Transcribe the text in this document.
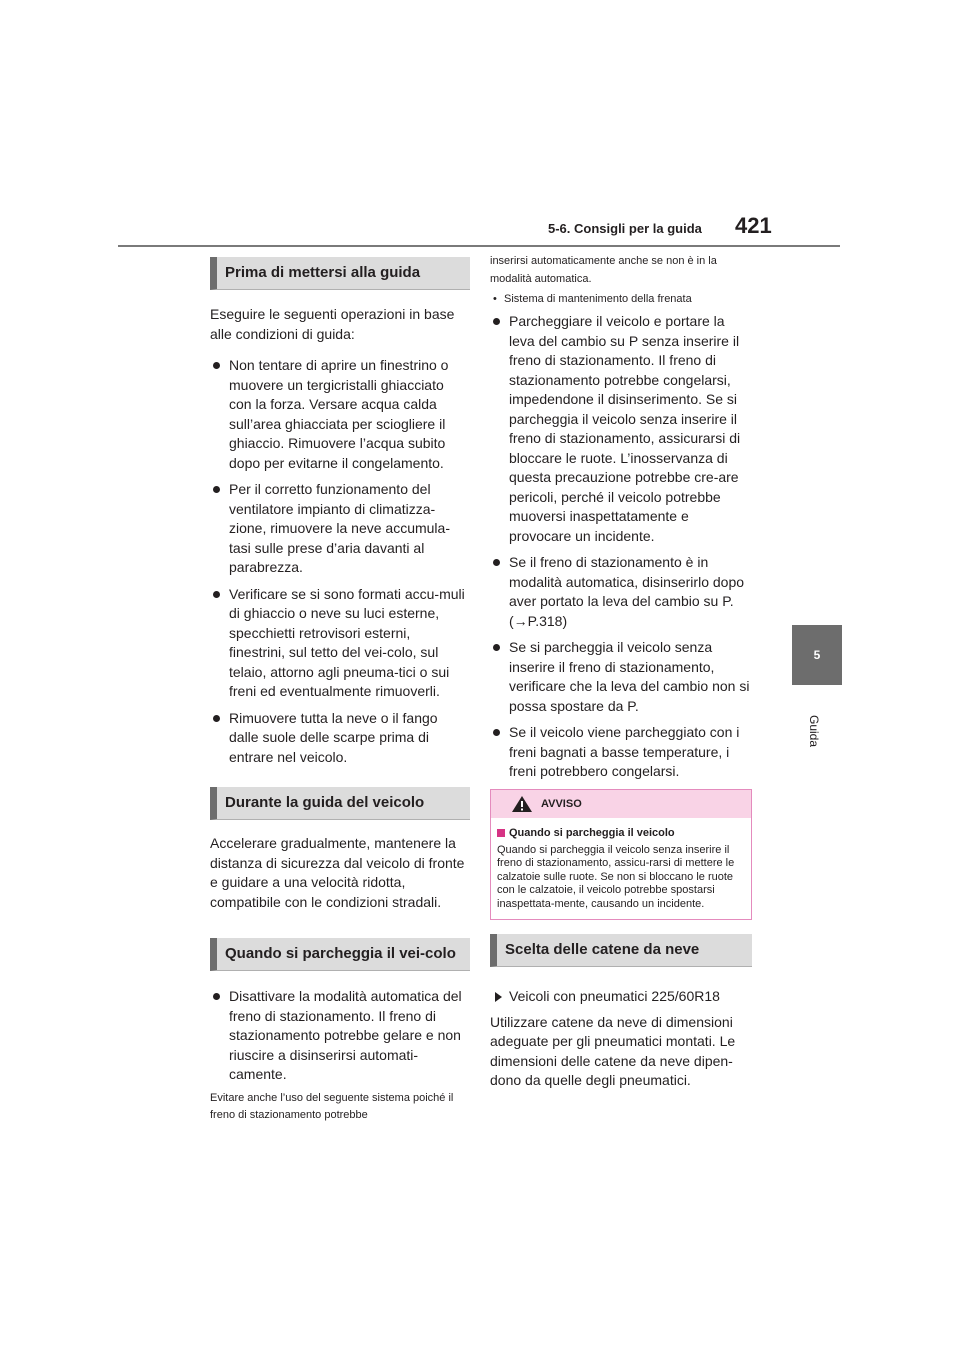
5-6. Consigli per la guida 421
5
Guida
Prima di mettersi alla guida

Eseguire le seguenti operazioni in base alle condizioni di guida:

Non tentare di aprire un finestrino o muovere un tergicristalli ghiacciato con la forza. Versare acqua calda sull’area ghiacciata per sciogliere il ghiaccio. Rimuovere l’acqua subito dopo per evitarne il congelamento.
Per il corretto funzionamento del ventilatore impianto di climatizza-zione, rimuovere la neve accumula-tasi sulle prese d’aria davanti al parabrezza.
Verificare se si sono formati accu-muli di ghiaccio o neve su luci esterne, specchietti retrovisori esterni, finestrini, sul tetto del vei-colo, sul telaio, attorno agli pneuma-tici o sui freni ed eventualmente rimuoverli.
Rimuovere tutta la neve o il fango dalle suole delle scarpe prima di entrare nel veicolo.
Durante la guida del veicolo

Accelerare gradualmente, mantenere la distanza di sicurezza dal veicolo di fronte e guidare a una velocità ridotta, compatibile con le condizioni stradali.

Quando si parcheggia il vei-colo
Disattivare la modalità automatica del freno di stazionamento. Il freno di stazionamento potrebbe gelare e non riuscire a disinserirsi automati-camente.

Evitare anche l’uso del seguente sistema poiché il freno di stazionamento potrebbe

inserirsi automaticamente anche se non è in la modalità automatica.

• Sistema di mantenimento della frenata
Parcheggiare il veicolo e portare la leva del cambio su P senza inserire il freno di stazionamento. Il freno di stazionamento potrebbe congelarsi, impedendone il disinserimento. Se si parcheggia il veicolo senza inserire il freno di stazionamento, assicurarsi di bloccare le ruote. L’inosservanza di questa precauzione potrebbe cre-are pericoli, perché il veicolo potrebbe muoversi inaspettatamente e provocare un incidente.
Se il freno di stazionamento è in modalità automatica, disinserirlo dopo aver portato la leva del cambio su P. (→P.318)
Se si parcheggia il veicolo senza inserire il freno di stazionamento, verificare che la leva del cambio non si possa spostare da P.
Se il veicolo viene parcheggiato con i freni bagnati a basse temperature, i freni potrebbero congelarsi.
AVVISO
Quando si parcheggia il veicolo
Quando si parcheggia il veicolo senza inserire il freno di stazionamento, assicu-rarsi di mettere le calzatoie sulle ruote. Se non si bloccano le ruote con le calzatoie, il veicolo potrebbe spostarsi inaspettata-mente, causando un incidente.
Scelta delle catene da neve
Veicoli con pneumatici 225/60R18

Utilizzare catene da neve di dimensioni adeguate per gli pneumatici montati. Le dimensioni delle catene da neve dipen-dono da quelle degli pneumatici.
